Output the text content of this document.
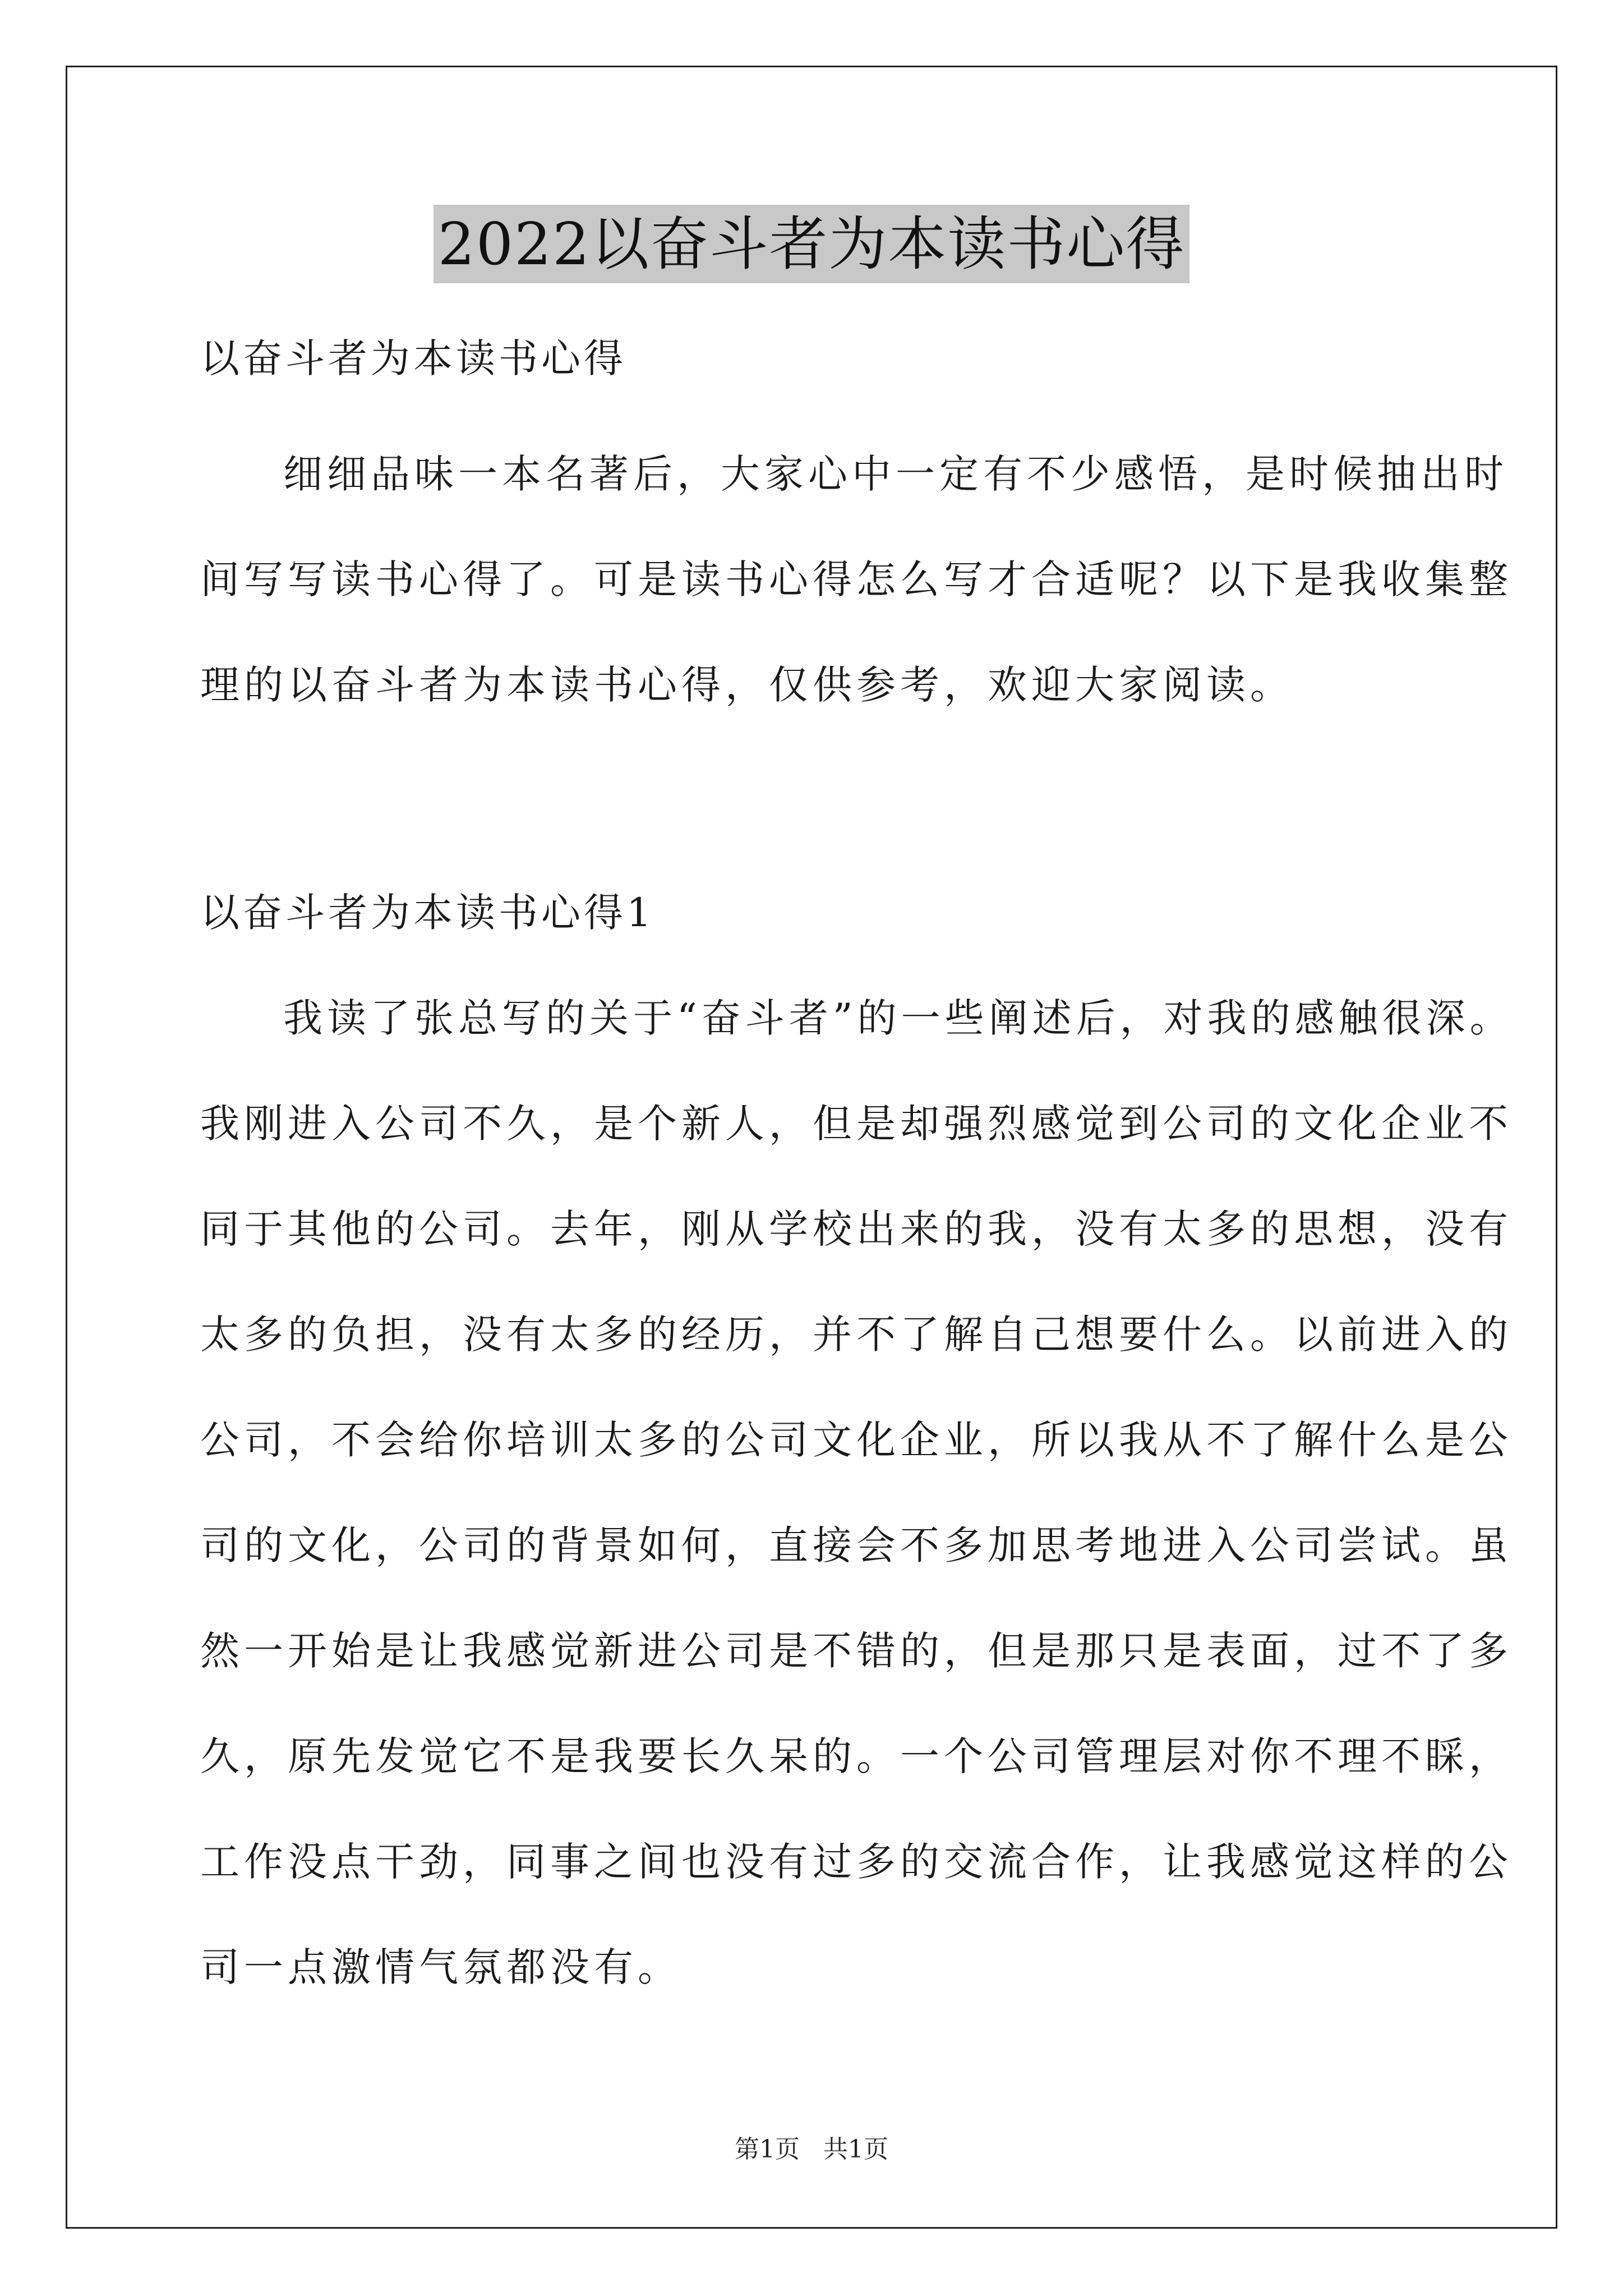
2022以奋斗者为本读书心得
以奋斗者为本读书心得
细细品味一本名著后，大家心中一定有不少感悟，是时候抽出时
间写写读书心得了。可是读书心得怎么写才合适呢？以下是我收集整
理的以奋斗者为本读书心得，仅供参考，欢迎大家阅读。
以奋斗者为本读书心得1
我读了张总写的关于“奋斗者”的一些阐述后，对我的感触很深。
我刚进入公司不久，是个新人，但是却强烈感觉到公司的文化企业不
同于其他的公司。去年，刚从学校出来的我，没有太多的思想，没有
太多的负担，没有太多的经历，并不了解自己想要什么。以前进入的
公司，不会给你培训太多的公司文化企业，所以我从不了解什么是公
司的文化，公司的背景如何，直接会不多加思考地进入公司尝试。虽
然一开始是让我感觉新进公司是不错的，但是那只是表面，过不了多
久，原先发觉它不是我要长久呆的。一个公司管理层对你不理不睬，
工作没点干劲，同事之间也没有过多的交流合作，让我感觉这样的公
司一点激情气氛都没有。
第1页 共1页
